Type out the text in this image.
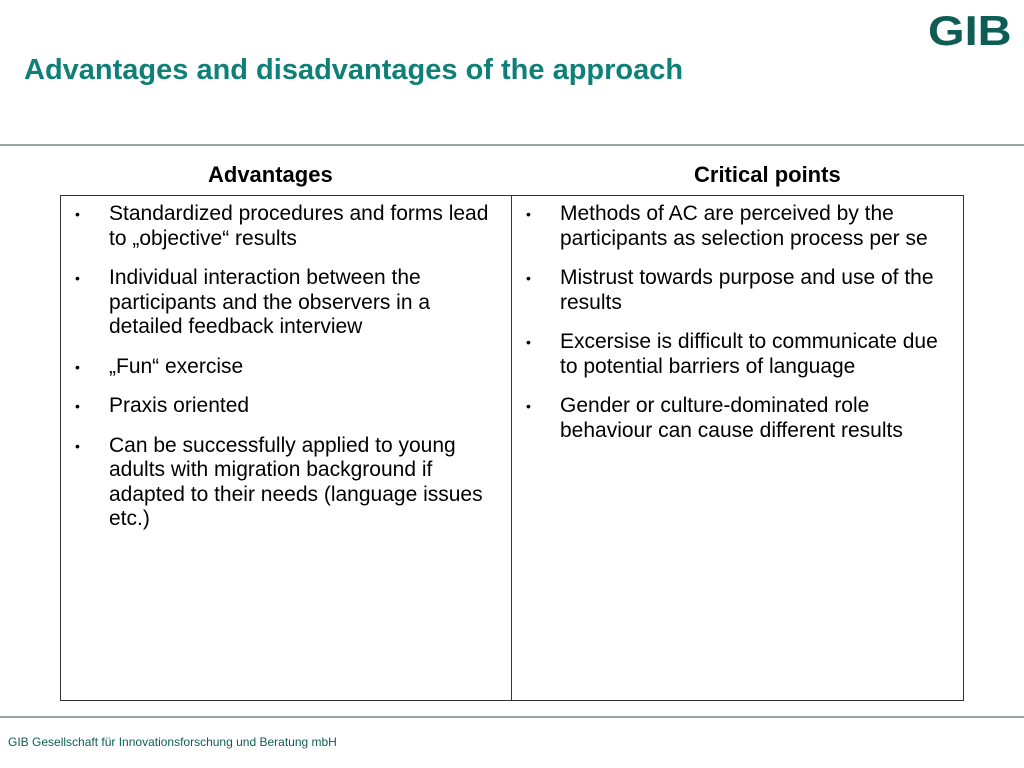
Advantages and disadvantages of the approach
GIB
Advantages	Critical points
• Standardized procedures and forms lead to „objective“ results
• Individual interaction between the participants and the observers in a detailed feedback interview
• „Fun“ exercise
• Praxis oriented
• Can be successfully applied to young adults with migration background if adapted to their needs (language issues etc.)
• Methods of AC are perceived by the participants as selection process per se
• Mistrust towards purpose and use of the results
• Excersise is difficult to communicate due to potential barriers of language
• Gender or culture-dominated role behaviour can cause different results
GIB Gesellschaft für Innovationsforschung und Beratung mbH
